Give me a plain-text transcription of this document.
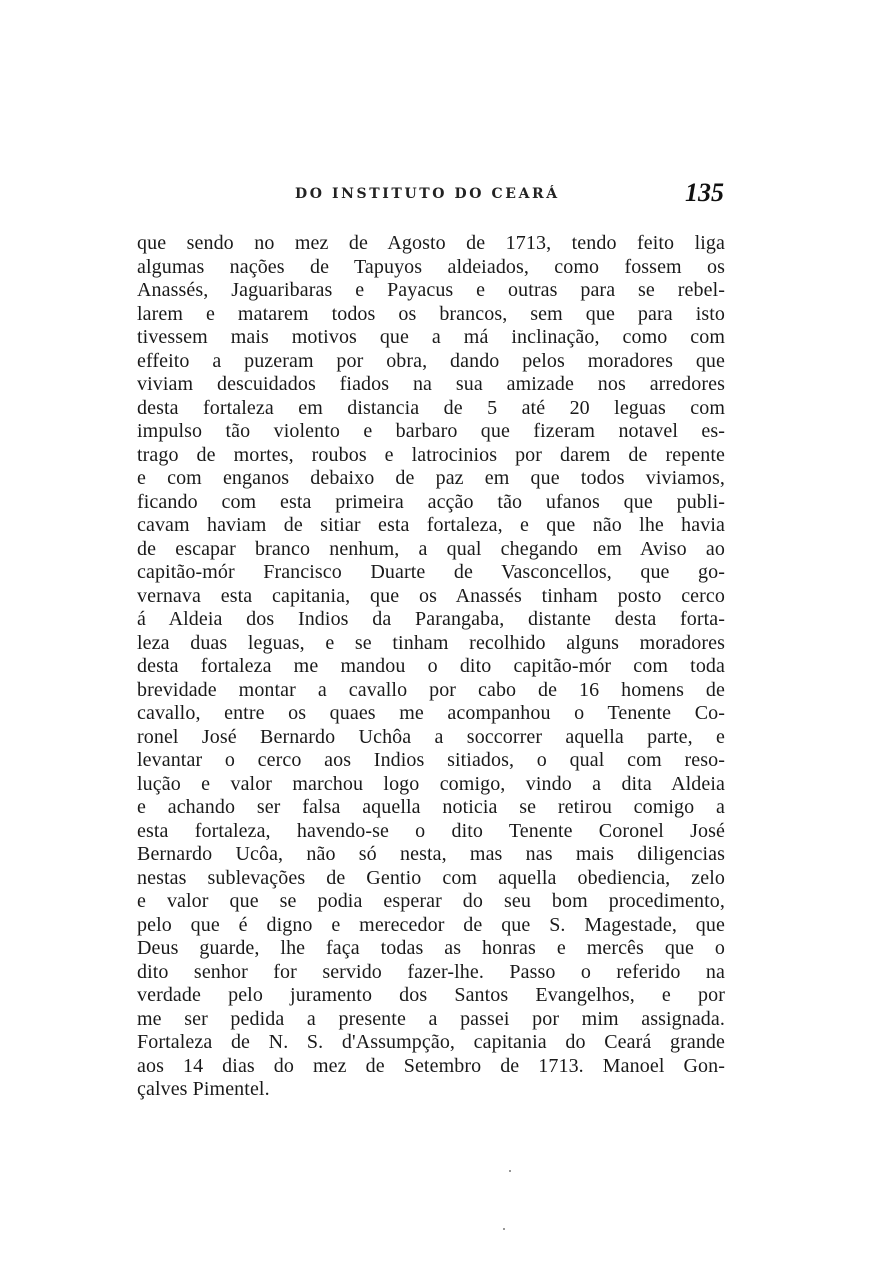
DO INSTITUTO DO CEARÁ	135
que sendo no mez de Agosto de 1713, tendo feito liga
algumas nações de Tapuyos aldeiados, como fossem os
Anassés, Jaguaribaras e Payacus e outras para se rebel-
larem e matarem todos os brancos, sem que para isto
tivessem mais motivos que a má inclinação, como com
effeito a puzeram por obra, dando pelos moradores que
viviam descuidados fiados na sua amizade nos arredores
desta fortaleza em distancia de 5 até 20 leguas com
impulso tão violento e barbaro que fizeram notavel es-
trago de mortes, roubos e latrocinios por darem de repente
e com enganos debaixo de paz em que todos viviamos,
ficando com esta primeira acção tão ufanos que publi-
cavam haviam de sitiar esta fortaleza, e que não lhe havia
de escapar branco nenhum, a qual chegando em Aviso ao
capitão-mór Francisco Duarte de Vasconcellos, que go-
vernava esta capitania, que os Anassés tinham posto cerco
á Aldeia dos Indios da Parangaba, distante desta forta-
leza duas leguas, e se tinham recolhido alguns moradores
desta fortaleza me mandou o dito capitão-mór com toda
brevidade montar a cavallo por cabo de 16 homens de
cavallo, entre os quaes me acompanhou o Tenente Co-
ronel José Bernardo Uchôa a soccorrer aquella parte, e
levantar o cerco aos Indios sitiados, o qual com reso-
lução e valor marchou logo comigo, vindo a dita Aldeia
e achando ser falsa aquella noticia se retirou comigo a
esta fortaleza, havendo-se o dito Tenente Coronel José
Bernardo Ucôa, não só nesta, mas nas mais diligencias
nestas sublevações de Gentio com aquella obediencia, zelo
e valor que se podia esperar do seu bom procedimento,
pelo que é digno e merecedor de que S. Magestade, que
Deus guarde, lhe faça todas as honras e mercês que o
dito senhor for servido fazer-lhe. Passo o referido na
verdade pelo juramento dos Santos Evangelhos, e por
me ser pedida a presente a passei por mim assignada.
Fortaleza de N. S. d'Assumpção, capitania do Ceará grande
aos 14 dias do mez de Setembro de 1713. Manoel Gon-
çalves Pimentel.
